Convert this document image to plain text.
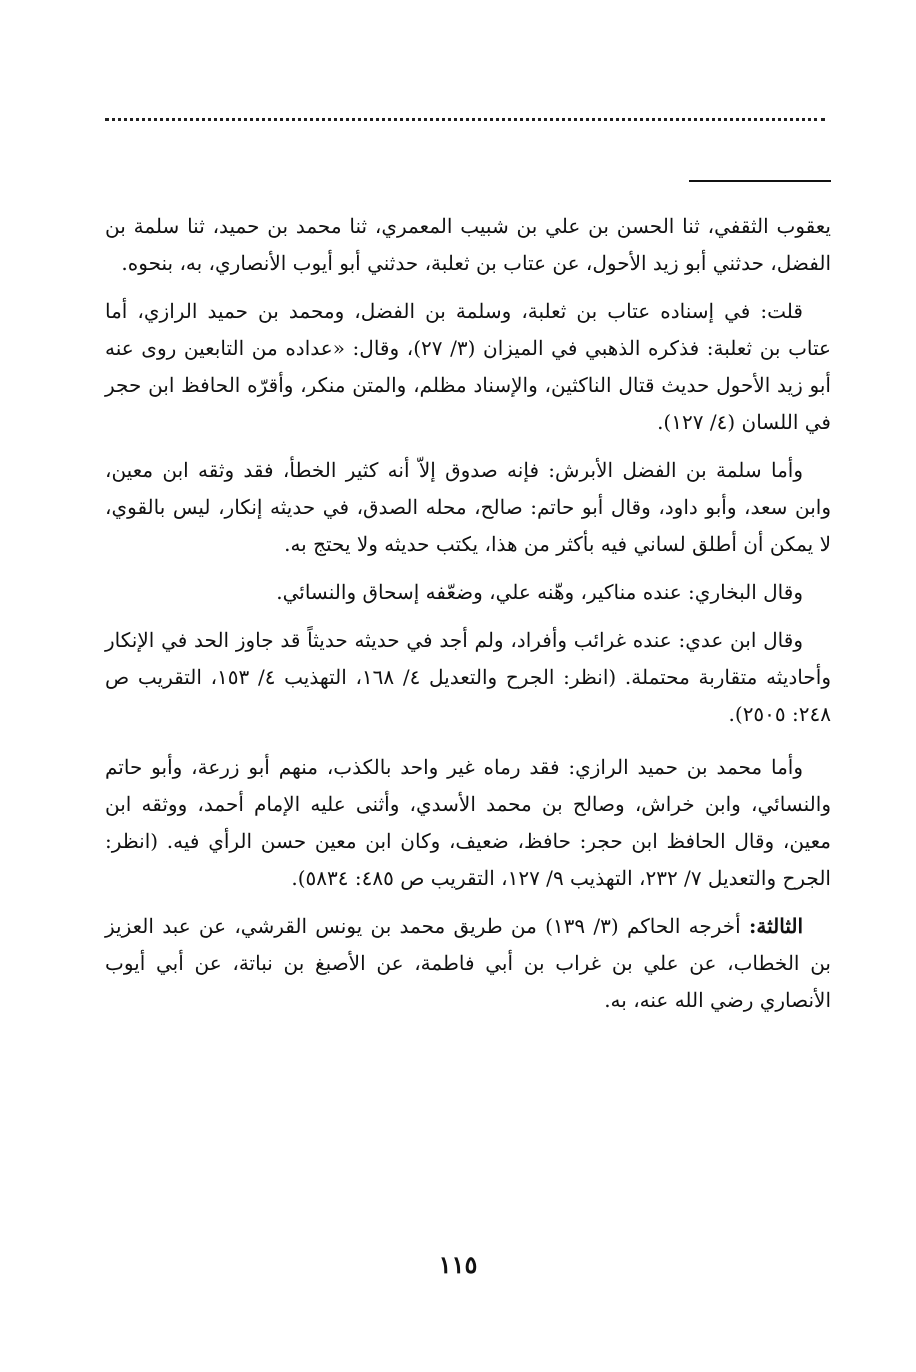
يعقوب الثقفي، ثنا الحسن بن علي بن شبيب المعمري، ثنا محمد بن حميد، ثنا سلمة بن الفضل، حدثني أبو زيد الأحول، عن عتاب بن ثعلبة، حدثني أبو أيوب الأنصاري، به، بنحوه.

قلت: في إسناده عتاب بن ثعلبة، وسلمة بن الفضل، ومحمد بن حميد الرازي، أما عتاب بن ثعلبة: فذكره الذهبي في الميزان (٣/ ٢٧)، وقال: «عداده من التابعين روى عنه أبو زيد الأحول حديث قتال الناكثين، والإسناد مظلم، والمتن منكر، وأقرّه الحافظ ابن حجر في اللسان (٤/ ١٢٧).

وأما سلمة بن الفضل الأبرش: فإنه صدوق إلاّ أنه كثير الخطأ، فقد وثقه ابن معين، وابن سعد، وأبو داود، وقال أبو حاتم: صالح، محله الصدق، في حديثه إنكار، ليس بالقوي، لا يمكن أن أطلق لساني فيه بأكثر من هذا، يكتب حديثه ولا يحتج به.

وقال البخاري: عنده مناكير، وهّنه علي، وضعّفه إسحاق والنسائي.

وقال ابن عدي: عنده غرائب وأفراد، ولم أجد في حديثه حديثاً قد جاوز الحد في الإنكار وأحاديثه متقاربة محتملة. (انظر: الجرح والتعديل ٤/ ١٦٨، التهذيب ٤/ ١٥٣، التقريب ص ٢٤٨: ٢٥٠٥).

وأما محمد بن حميد الرازي: فقد رماه غير واحد بالكذب، منهم أبو زرعة، وأبو حاتم والنسائي، وابن خراش، وصالح بن محمد الأسدي، وأثنى عليه الإمام أحمد، ووثقه ابن معين، وقال الحافظ ابن حجر: حافظ، ضعيف، وكان ابن معين حسن الرأي فيه. (انظر: الجرح والتعديل ٧/ ٢٣٢، التهذيب ٩/ ١٢٧، التقريب ص ٤٨٥: ٥٨٣٤).

الثالثة: أخرجه الحاكم (٣/ ١٣٩) من طريق محمد بن يونس القرشي، عن عبد العزيز بن الخطاب، عن علي بن غراب بن أبي فاطمة، عن الأصبغ بن نباتة، عن أبي أيوب الأنصاري رضي الله عنه، به.

١١٥
